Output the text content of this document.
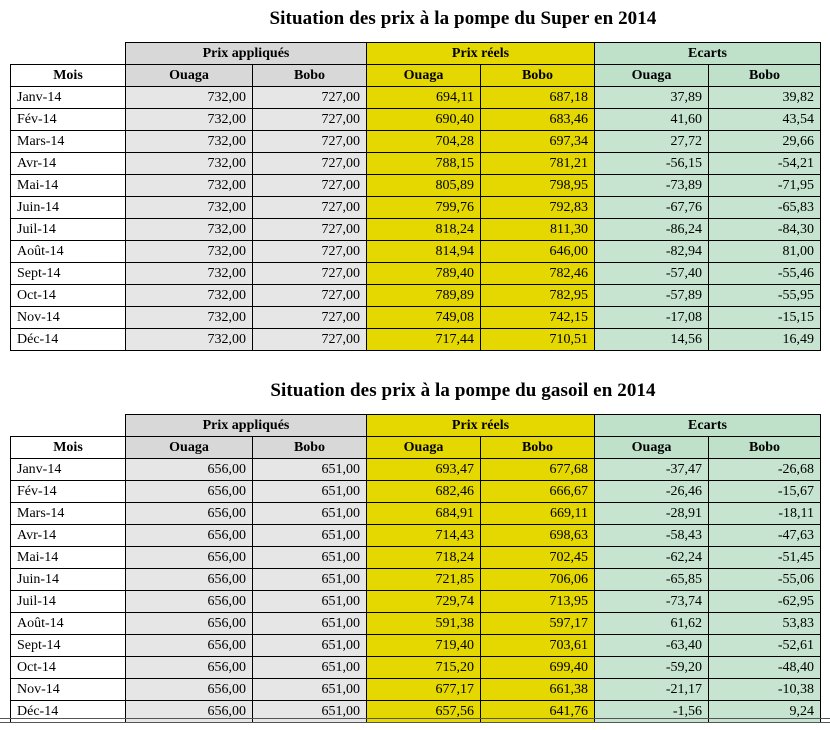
Situation des prix à la pompe du Super en 2014
	Prix appliqués		Prix réels		Ecarts	
Mois	Ouaga	Bobo	Ouaga	Bobo	Ouaga	Bobo
Janv-14	732,00	727,00	694,11	687,18	37,89	39,82
Fév-14	732,00	727,00	690,40	683,46	41,60	43,54
Mars-14	732,00	727,00	704,28	697,34	27,72	29,66
Avr-14	732,00	727,00	788,15	781,21	-56,15	-54,21
Mai-14	732,00	727,00	805,89	798,95	-73,89	-71,95
Juin-14	732,00	727,00	799,76	792,83	-67,76	-65,83
Juil-14	732,00	727,00	818,24	811,30	-86,24	-84,30
Août-14	732,00	727,00	814,94	646,00	-82,94	81,00
Sept-14	732,00	727,00	789,40	782,46	-57,40	-55,46
Oct-14	732,00	727,00	789,89	782,95	-57,89	-55,95
Nov-14	732,00	727,00	749,08	742,15	-17,08	-15,15
Déc-14	732,00	727,00	717,44	710,51	14,56	16,49
Situation des prix à la pompe du gasoil en 2014
	Prix appliqués		Prix réels		Ecarts	
Mois	Ouaga	Bobo	Ouaga	Bobo	Ouaga	Bobo
Janv-14	656,00	651,00	693,47	677,68	-37,47	-26,68
Fév-14	656,00	651,00	682,46	666,67	-26,46	-15,67
Mars-14	656,00	651,00	684,91	669,11	-28,91	-18,11
Avr-14	656,00	651,00	714,43	698,63	-58,43	-47,63
Mai-14	656,00	651,00	718,24	702,45	-62,24	-51,45
Juin-14	656,00	651,00	721,85	706,06	-65,85	-55,06
Juil-14	656,00	651,00	729,74	713,95	-73,74	-62,95
Août-14	656,00	651,00	591,38	597,17	61,62	53,83
Sept-14	656,00	651,00	719,40	703,61	-63,40	-52,61
Oct-14	656,00	651,00	715,20	699,40	-59,20	-48,40
Nov-14	656,00	651,00	677,17	661,38	-21,17	-10,38
Déc-14	656,00	651,00	657,56	641,76	-1,56	9,24
